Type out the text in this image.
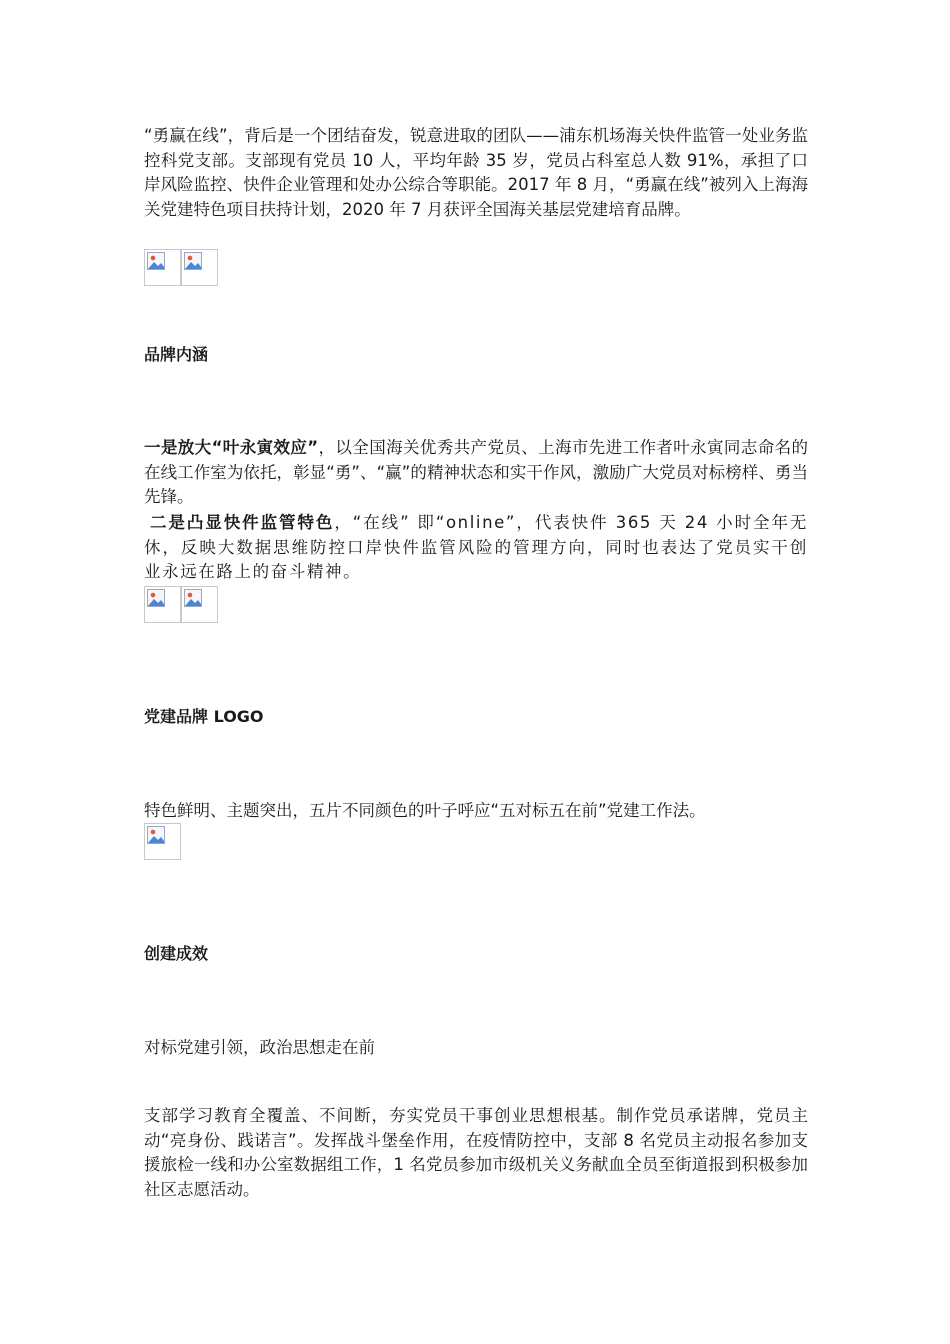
“勇赢在线”，背后是一个团结奋发，锐意进取的团队——浦东机场海关快件监管一处业务监控科党支部。支部现有党员 10 人，平均年龄 35 岁，党员占科室总人数 91%，承担了口岸风险监控、快件企业管理和处办公综合等职能。2017 年 8 月，“勇赢在线”被列入上海海关党建特色项目扶持计划，2020 年 7 月获评全国海关基层党建培育品牌。
品牌内涵
一是放大“叶永寅效应”，以全国海关优秀共产党员、上海市先进工作者叶永寅同志命名的在线工作室为依托，彰显“勇”、“赢”的精神状态和实干作风，激励广大党员对标榜样、勇当先锋。
二是凸显快件监管特色，“在线” 即“online”，代表快件 365 天 24 小时全年无休，反映大数据思维防控口岸快件监管风险的管理方向，同时也表达了党员实干创业永远在路上的奋斗精神。
党建品牌 LOGO
特色鲜明、主题突出，五片不同颜色的叶子呼应“五对标五在前”党建工作法。
创建成效
对标党建引领，政治思想走在前
支部学习教育全覆盖、不间断，夯实党员干事创业思想根基。制作党员承诺牌，党员主动“亮身份、践诺言”。发挥战斗堡垒作用，在疫情防控中，支部 8 名党员主动报名参加支援旅检一线和办公室数据组工作，1 名党员参加市级机关义务献血全员至街道报到积极参加社区志愿活动。
